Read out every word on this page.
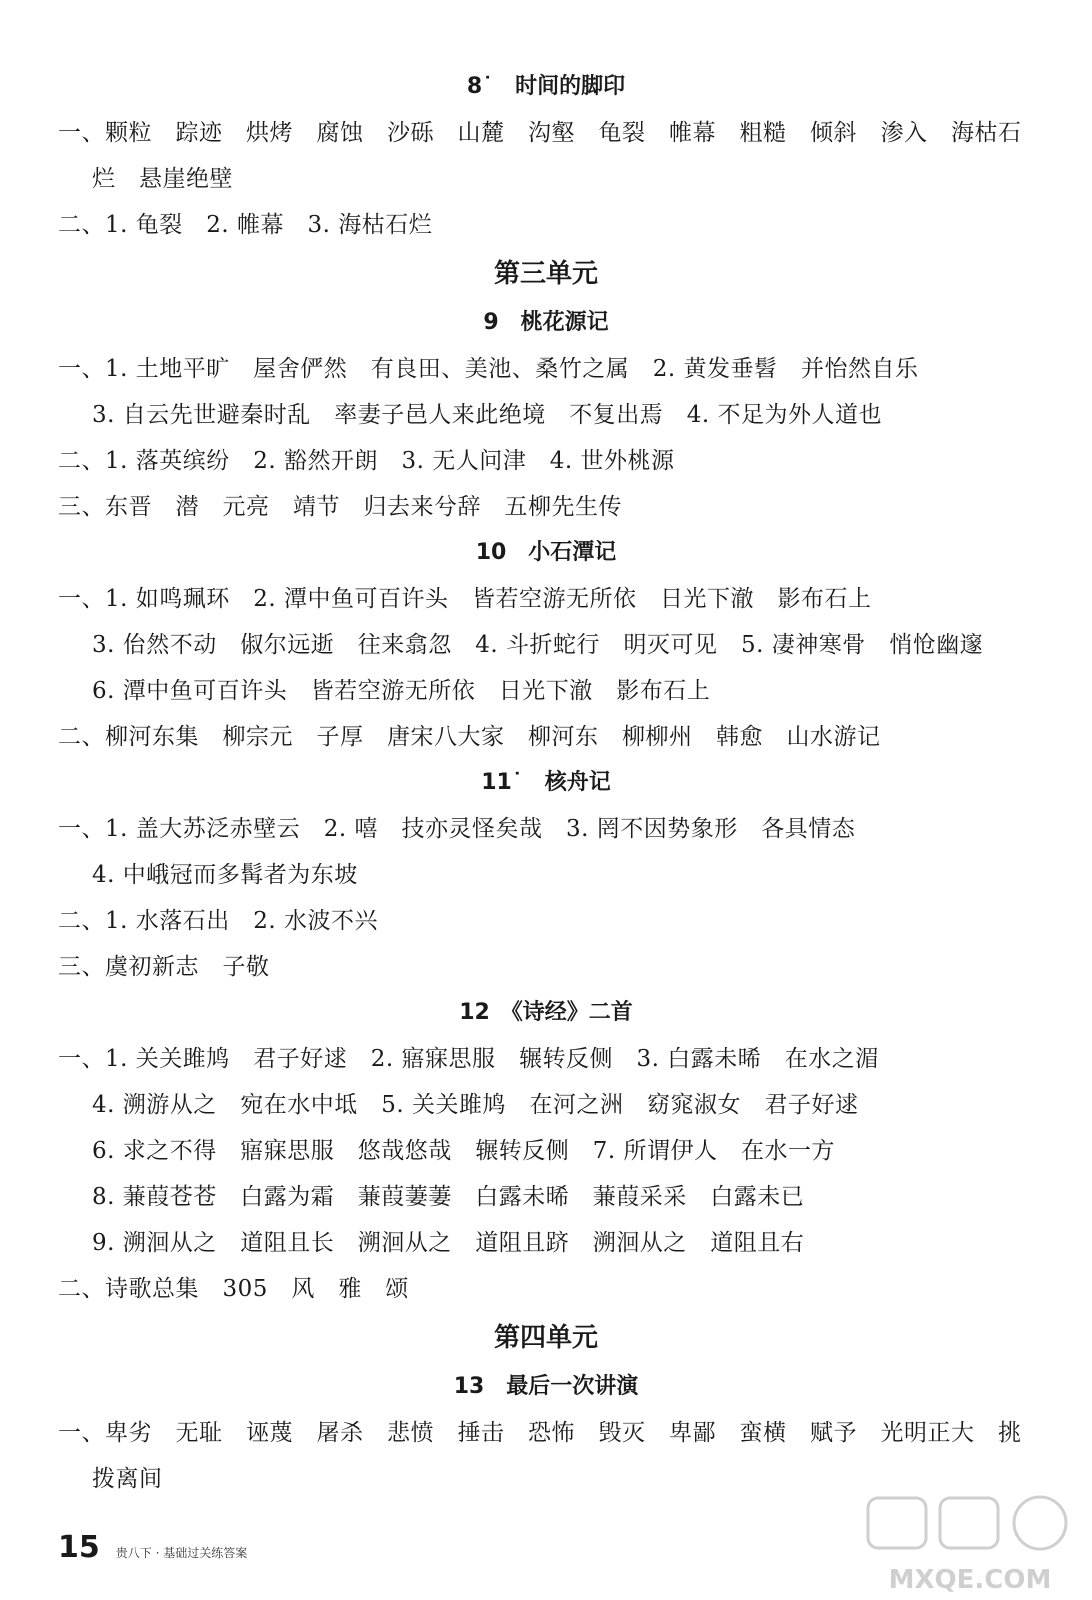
8˙　时间的脚印
一、颗粒　踪迹　烘烤　腐蚀　沙砾　山麓　沟壑　龟裂　帷幕　粗糙　倾斜　渗入　海枯石
烂　悬崖绝壁
二、1. 龟裂　2. 帷幕　3. 海枯石烂
第三单元
9　桃花源记
一、1. 土地平旷　屋舍俨然　有良田、美池、桑竹之属　2. 黄发垂髫　并怡然自乐
3. 自云先世避秦时乱　率妻子邑人来此绝境　不复出焉　4. 不足为外人道也
二、1. 落英缤纷　2. 豁然开朗　3. 无人问津　4. 世外桃源
三、东晋　潜　元亮　靖节　归去来兮辞　五柳先生传
10　小石潭记
一、1. 如鸣珮环　2. 潭中鱼可百许头　皆若空游无所依　日光下澈　影布石上
3. 佁然不动　俶尔远逝　往来翕忽　4. 斗折蛇行　明灭可见　5. 凄神寒骨　悄怆幽邃
6. 潭中鱼可百许头　皆若空游无所依　日光下澈　影布石上
二、柳河东集　柳宗元　子厚　唐宋八大家　柳河东　柳柳州　韩愈　山水游记
11˙　核舟记
一、1. 盖大苏泛赤壁云　2. 嘻　技亦灵怪矣哉　3. 罔不因势象形　各具情态
4. 中峨冠而多髯者为东坡
二、1. 水落石出　2. 水波不兴
三、虞初新志　子敬
12　《诗经》二首
一、1. 关关雎鸠　君子好逑　2. 寤寐思服　辗转反侧　3. 白露未晞　在水之湄
4. 溯游从之　宛在水中坻　5. 关关雎鸠　在河之洲　窈窕淑女　君子好逑
6. 求之不得　寤寐思服　悠哉悠哉　辗转反侧　7. 所谓伊人　在水一方
8. 蒹葭苍苍　白露为霜　蒹葭萋萋　白露未晞　蒹葭采采　白露未已
9. 溯洄从之　道阻且长　溯洄从之　道阻且跻　溯洄从之　道阻且右
二、诗歌总集　305　风　雅　颂
第四单元
13　最后一次讲演
一、卑劣　无耻　诬蔑　屠杀　悲愤　捶击　恐怖　毁灭　卑鄙　蛮横　赋予　光明正大　挑
拨离间
15 贵八下 · 基础过关练答案
MXQE.COM
